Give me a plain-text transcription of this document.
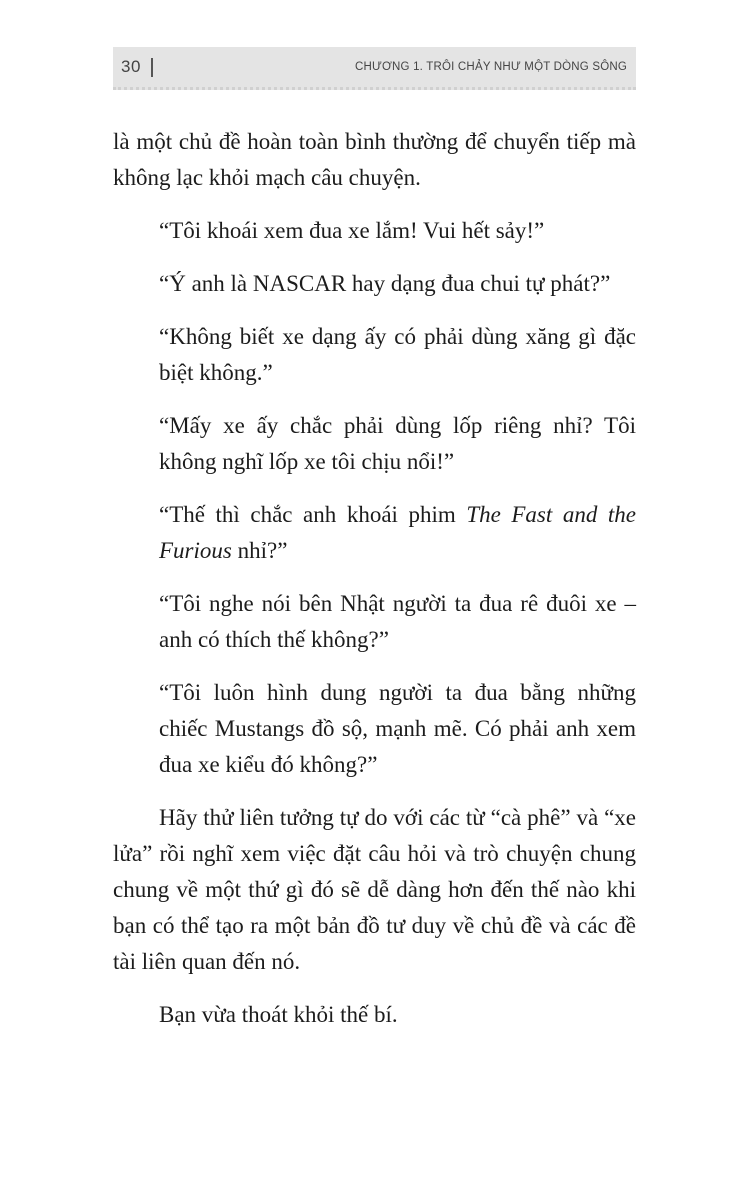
30	CHƯƠNG 1. TRÔI CHẢY NHƯ MỘT DÒNG SÔNG

là một chủ đề hoàn toàn bình thường để chuyển tiếp mà không lạc khỏi mạch câu chuyện.

“Tôi khoái xem đua xe lắm! Vui hết sảy!”

“Ý anh là NASCAR hay dạng đua chui tự phát?”

“Không biết xe dạng ấy có phải dùng xăng gì đặc biệt không.”

“Mấy xe ấy chắc phải dùng lốp riêng nhỉ? Tôi không nghĩ lốp xe tôi chịu nổi!”

“Thế thì chắc anh khoái phim The Fast and the Furious nhỉ?”

“Tôi nghe nói bên Nhật người ta đua rê đuôi xe – anh có thích thế không?”

“Tôi luôn hình dung người ta đua bằng những chiếc Mustangs đồ sộ, mạnh mẽ. Có phải anh xem đua xe kiểu đó không?”

Hãy thử liên tưởng tự do với các từ “cà phê” và “xe lửa” rồi nghĩ xem việc đặt câu hỏi và trò chuyện chung chung về một thứ gì đó sẽ dễ dàng hơn đến thế nào khi bạn có thể tạo ra một bản đồ tư duy về chủ đề và các đề tài liên quan đến nó.

Bạn vừa thoát khỏi thế bí.
